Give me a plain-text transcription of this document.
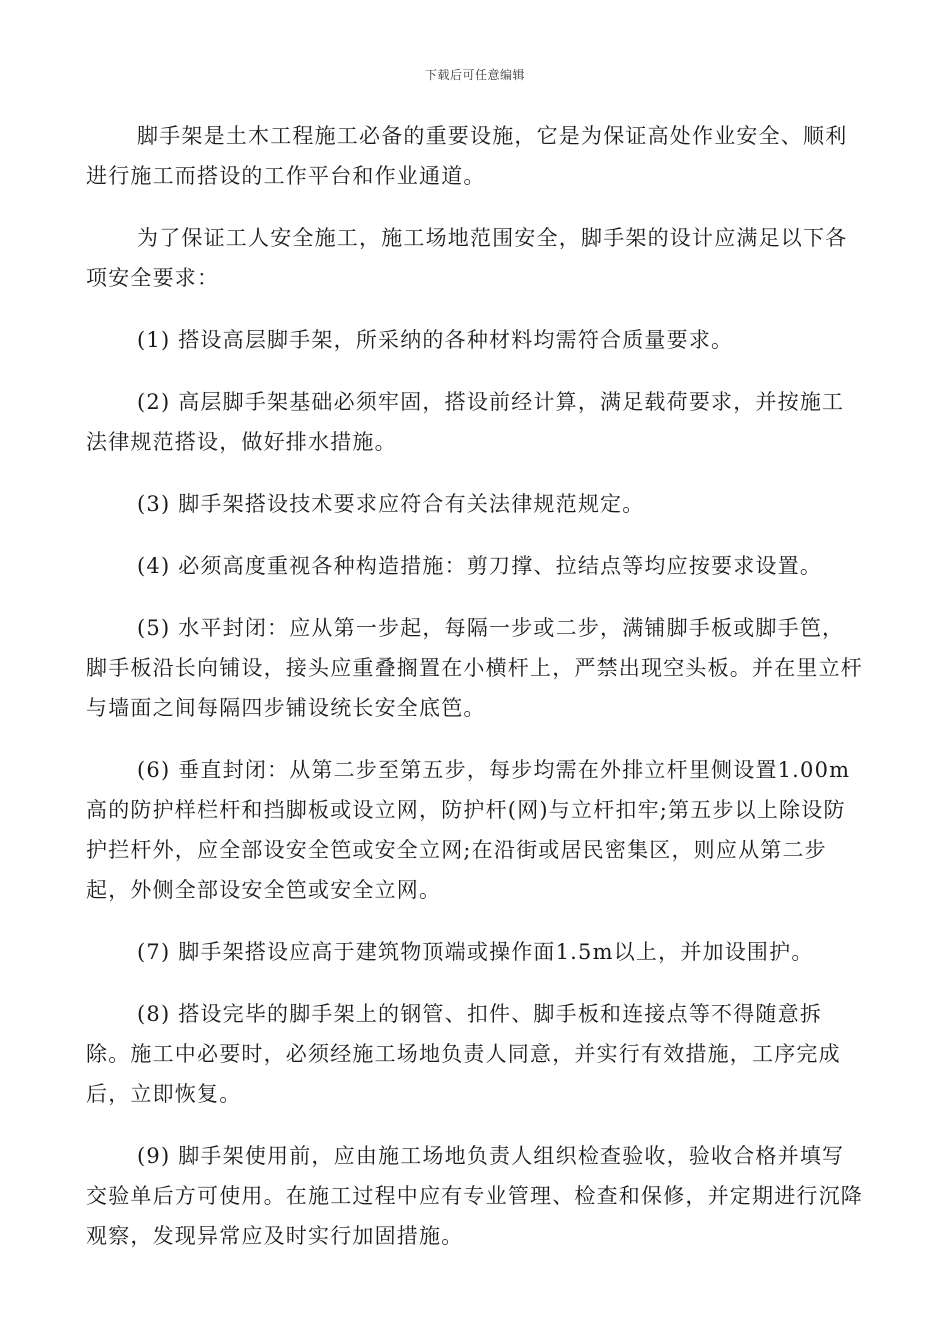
下载后可任意编辑

脚手架是土木工程施工必备的重要设施，它是为保证高处作业安全、顺利进行施工而搭设的工作平台和作业通道。

为了保证工人安全施工，施工场地范围安全，脚手架的设计应满足以下各项安全要求：

(1) 搭设高层脚手架，所采纳的各种材料均需符合质量要求。

(2) 高层脚手架基础必须牢固，搭设前经计算，满足载荷要求，并按施工法律规范搭设，做好排水措施。

(3) 脚手架搭设技术要求应符合有关法律规范规定。

(4) 必须高度重视各种构造措施：剪刀撑、拉结点等均应按要求设置。

(5) 水平封闭：应从第一步起，每隔一步或二步，满铺脚手板或脚手笆，脚手板沿长向铺设，接头应重叠搁置在小横杆上，严禁出现空头板。并在里立杆与墙面之间每隔四步铺设统长安全底笆。

(6) 垂直封闭：从第二步至第五步，每步均需在外排立杆里侧设置1.00m高的防护样栏杆和挡脚板或设立网，防护杆(网)与立杆扣牢;第五步以上除设防护拦杆外，应全部设安全笆或安全立网;在沿街或居民密集区，则应从第二步起，外侧全部设安全笆或安全立网。

(7) 脚手架搭设应高于建筑物顶端或操作面1.5m以上，并加设围护。

(8) 搭设完毕的脚手架上的钢管、扣件、脚手板和连接点等不得随意拆除。施工中必要时，必须经施工场地负责人同意，并实行有效措施，工序完成后，立即恢复。

(9) 脚手架使用前，应由施工场地负责人组织检查验收，验收合格并填写交验单后方可使用。在施工过程中应有专业管理、检查和保修，并定期进行沉降观察，发现异常应及时实行加固措施。
